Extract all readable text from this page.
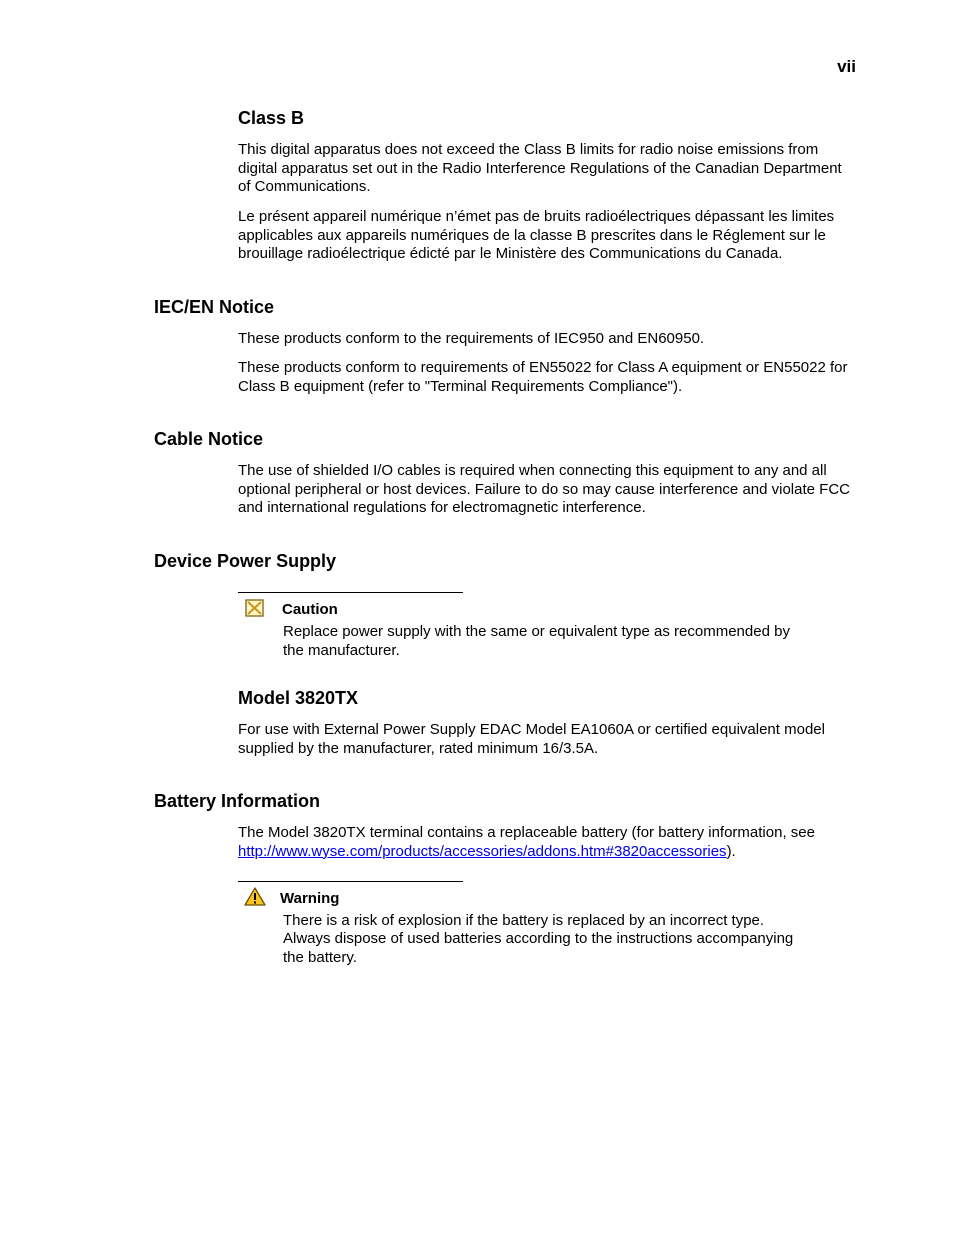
vii
Class B

This digital apparatus does not exceed the Class B limits for radio noise emissions from digital apparatus set out in the Radio Interference Regulations of the Canadian Department of Communications.

Le présent appareil numérique n’émet pas de bruits radioélectriques dépassant les limites applicables aux appareils numériques de la classe B prescrites dans le Réglement sur le brouillage radioélectrique édicté par le Ministère des Communications du Canada.

IEC/EN Notice

These products conform to the requirements of IEC950 and EN60950.

These products conform to requirements of EN55022 for Class A equipment or EN55022 for Class B equipment (refer to "Terminal Requirements Compliance").

Cable Notice

The use of shielded I/O cables is required when connecting this equipment to any and all optional peripheral or host devices. Failure to do so may cause interference and violate FCC and international regulations for electromagnetic interference.

Device Power Supply
Caution

Replace power supply with the same or equivalent type as recommended by

the manufacturer.

Model 3820TX

For use with External Power Supply EDAC Model EA1060A or certified equivalent model supplied by the manufacturer, rated minimum 16/3.5A.

Battery Information

The Model 3820TX terminal contains a replaceable battery (for battery information, see
http://www.wyse.com/products/accessories/addons.htm#3820accessories).

Warning

There is a risk of explosion if the battery is replaced by an incorrect type.

Always dispose of used batteries according to the instructions accompanying

the battery.
